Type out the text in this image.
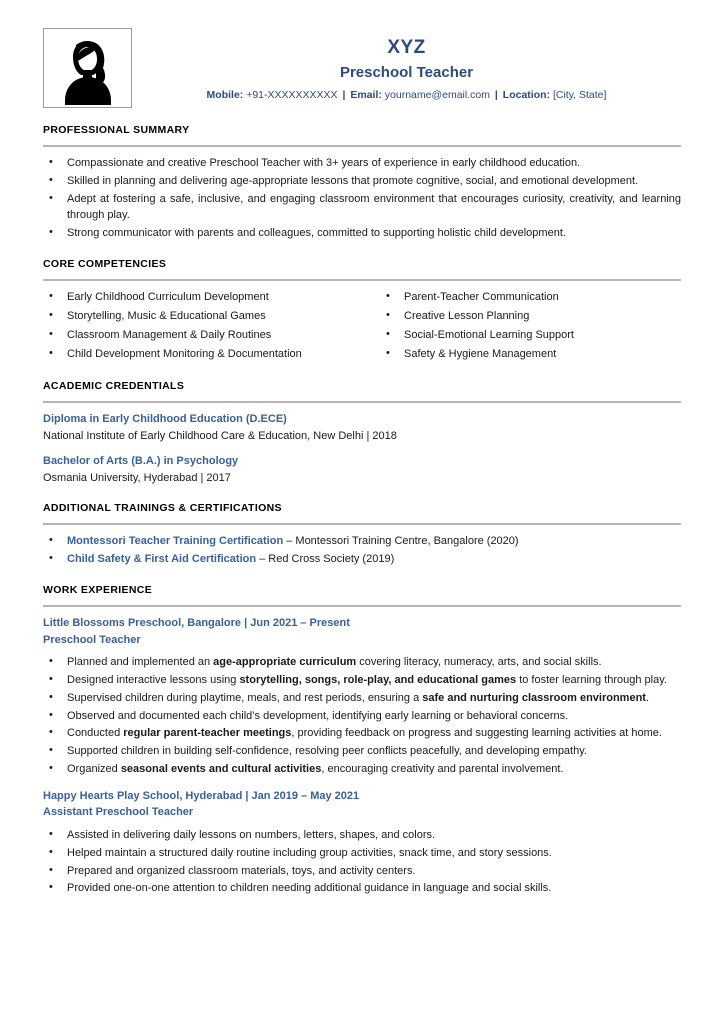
XYZ
Preschool Teacher
Mobile: +91-XXXXXXXXXX | Email: yourname@email.com | Location: [City, State]
PROFESSIONAL SUMMARY
• Compassionate and creative Preschool Teacher with 3+ years of experience in early childhood education.
• Skilled in planning and delivering age-appropriate lessons that promote cognitive, social, and emotional development.
• Adept at fostering a safe, inclusive, and engaging classroom environment that encourages curiosity, creativity, and learning through play.
• Strong communicator with parents and colleagues, committed to supporting holistic child development.
CORE COMPETENCIES
• Early Childhood Curriculum Development
• Storytelling, Music & Educational Games
• Classroom Management & Daily Routines
• Child Development Monitoring & Documentation
• Parent-Teacher Communication
• Creative Lesson Planning
• Social-Emotional Learning Support
• Safety & Hygiene Management
ACADEMIC CREDENTIALS
Diploma in Early Childhood Education (D.ECE)
National Institute of Early Childhood Care & Education, New Delhi | 2018
Bachelor of Arts (B.A.) in Psychology
Osmania University, Hyderabad | 2017
ADDITIONAL TRAININGS & CERTIFICATIONS
• Montessori Teacher Training Certification – Montessori Training Centre, Bangalore (2020)
• Child Safety & First Aid Certification – Red Cross Society (2019)
WORK EXPERIENCE
Little Blossoms Preschool, Bangalore | Jun 2021 – Present
Preschool Teacher
• Planned and implemented an age-appropriate curriculum covering literacy, numeracy, arts, and social skills.
• Designed interactive lessons using storytelling, songs, role-play, and educational games to foster learning through play.
• Supervised children during playtime, meals, and rest periods, ensuring a safe and nurturing classroom environment.
• Observed and documented each child’s development, identifying early learning or behavioral concerns.
• Conducted regular parent-teacher meetings, providing feedback on progress and suggesting learning activities at home.
• Supported children in building self-confidence, resolving peer conflicts peacefully, and developing empathy.
• Organized seasonal events and cultural activities, encouraging creativity and parental involvement.
Happy Hearts Play School, Hyderabad | Jan 2019 – May 2021
Assistant Preschool Teacher
• Assisted in delivering daily lessons on numbers, letters, shapes, and colors.
• Helped maintain a structured daily routine including group activities, snack time, and story sessions.
• Prepared and organized classroom materials, toys, and activity centers.
• Provided one-on-one attention to children needing additional guidance in language and social skills.
